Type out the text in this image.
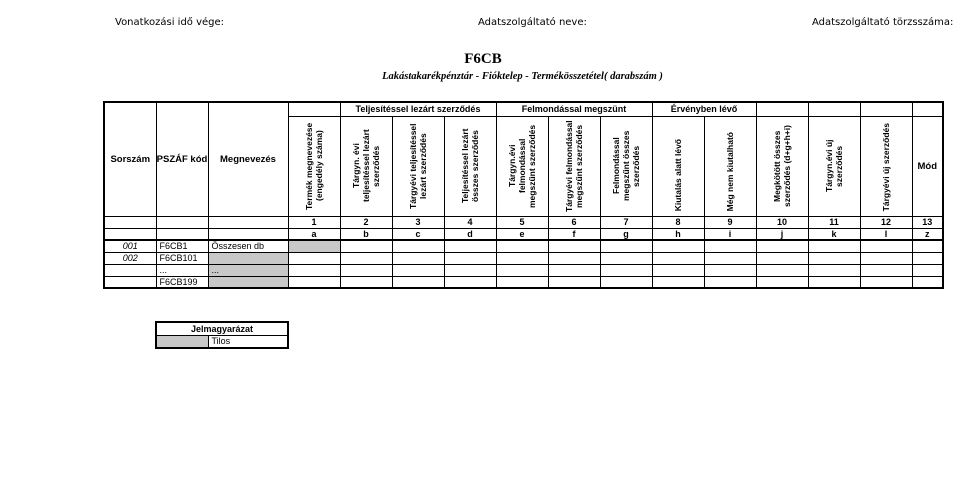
Vonatkozási idő vége:	Adatszolgáltató neve:	Adatszolgáltató törzsszáma:
F6CB
Lakástakarékpénztár - Fióktelep - Termékösszetétel( darabszám )
Sorszám	PSZÁF kód	Megnevezés		Teljesítéssel lezárt szerződés			Felmondással megszünt			Érvényben lévő					
			Termék megnevezése (engedély száma)	Tárgyn. évi teljesítéssel lezárt szerződés	Tárgyévi teljesítéssel lezárt szerződés	Teljesítéssel lezárt összes szerződés	Tárgyn.évi felmondással megszűnt szerződés	Tárgyévi felmondással megszűnt szerződés	Felmondással megszűnt összes szerződés	Kiutalás alatt lévő	Még nem kiutalható	Megkötött összes szerződés (d+g+h+i)	Tárgyn.évi új szerződés	Tárgyévi új szerződés	Mód
			1	2	3	4	5	6	7	8	9	10	11	12	13
			a	b	c	d	e	f	g	h	i	j	k	l	z
001	F6CB1	Összesen db													
002	F6CB101														
	...	...													
	F6CB199														
Jelmagyarázat
	Tilos
